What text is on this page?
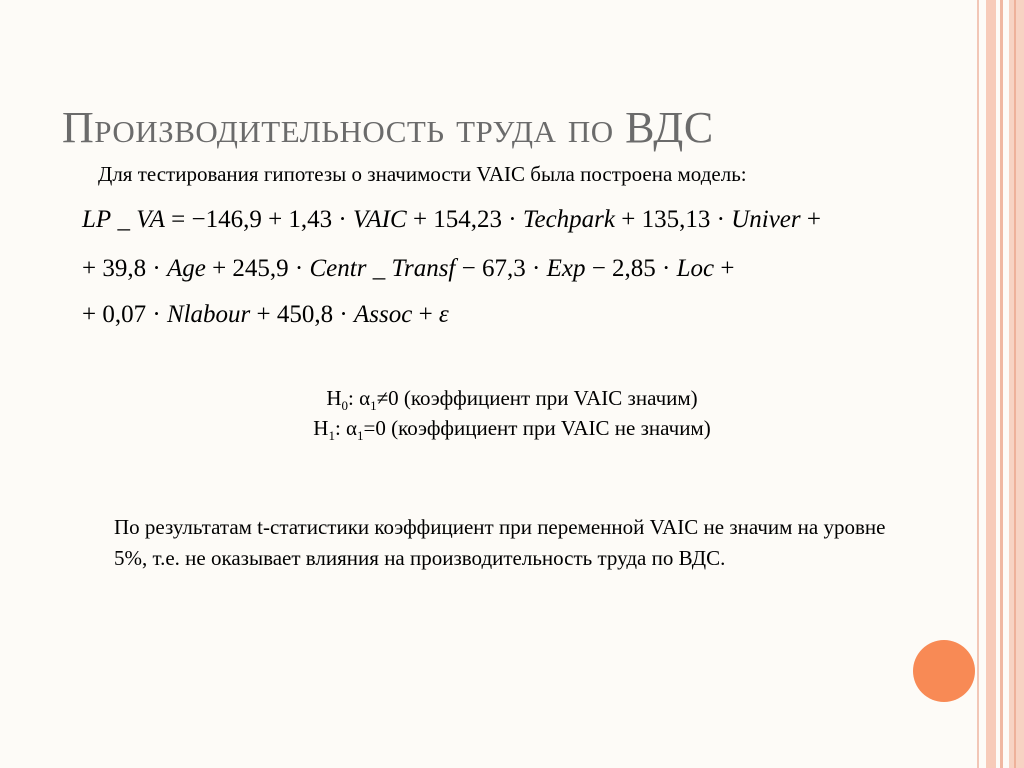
Производительность труда по ВДС
Для тестирования гипотезы о значимости VAIC была построена модель:
LP _ VA = −146,9 + 1,43 · VAIC + 154,23 · Techpark + 135,13 · Univer +
+ 39,8 · Age + 245,9 · Centr _ Transf − 67,3 · Exp − 2,85 · Loc +
+ 0,07 · Nlabour + 450,8 · Assoc + ε
$H_0$: $\alpha_1\ne 0$ (коэффициент при VAIC значим)
$H_1$: $\alpha_1=0$ (коэффициент при VAIC не значим)
По результатам t-статистики коэффициент при переменной VAIC не значим на уровне 5%, т.е. не оказывает влияния на производительность труда по ВДС.
